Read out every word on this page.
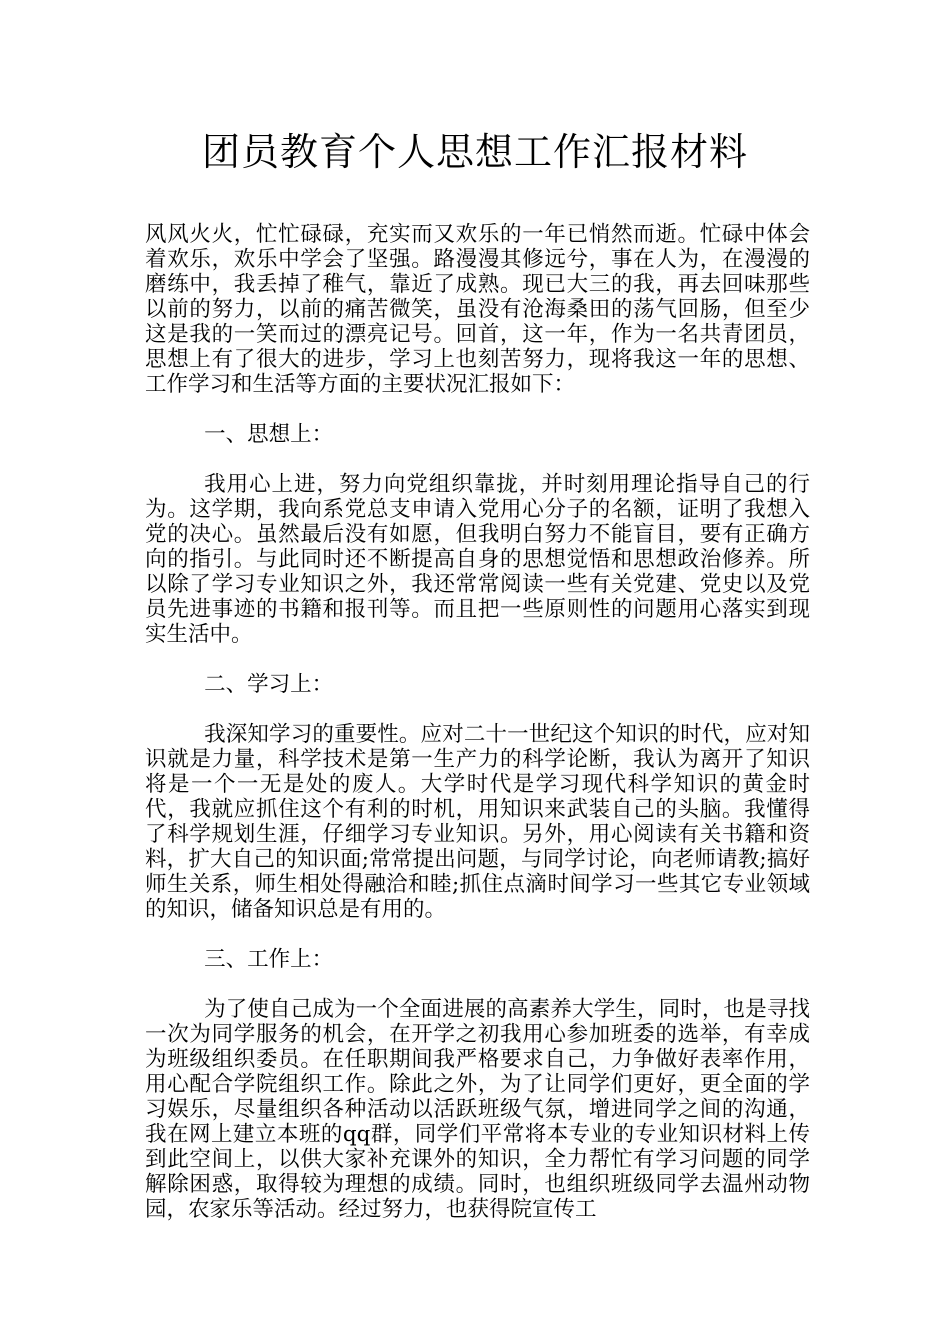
团员教育个人思想工作汇报材料

风风火火，忙忙碌碌，充实而又欢乐的一年已悄然而逝。忙碌中体会着欢乐，欢乐中学会了坚强。路漫漫其修远兮，事在人为，在漫漫的磨练中，我丢掉了稚气，靠近了成熟。现已大三的我，再去回味那些以前的努力，以前的痛苦微笑，虽没有沧海桑田的荡气回肠，但至少这是我的一笑而过的漂亮记号。回首，这一年，作为一名共青团员，思想上有了很大的进步，学习上也刻苦努力，现将我这一年的思想、工作学习和生活等方面的主要状况汇报如下：

一、思想上：

我用心上进，努力向党组织靠拢，并时刻用理论指导自己的行为。这学期，我向系党总支申请入党用心分子的名额，证明了我想入党的决心。虽然最后没有如愿，但我明白努力不能盲目，要有正确方向的指引。与此同时还不断提高自身的思想觉悟和思想政治修养。所以除了学习专业知识之外，我还常常阅读一些有关党建、党史以及党员先进事迹的书籍和报刊等。而且把一些原则性的问题用心落实到现实生活中。

二、学习上：

我深知学习的重要性。应对二十一世纪这个知识的时代，应对知识就是力量，科学技术是第一生产力的科学论断，我认为离开了知识将是一个一无是处的废人。大学时代是学习现代科学知识的黄金时代，我就应抓住这个有利的时机，用知识来武装自己的头脑。我懂得了科学规划生涯，仔细学习专业知识。另外，用心阅读有关书籍和资料，扩大自己的知识面;常常提出问题，与同学讨论，向老师请教;搞好师生关系，师生相处得融洽和睦;抓住点滴时间学习一些其它专业领域的知识，储备知识总是有用的。

三、工作上：

为了使自己成为一个全面进展的高素养大学生，同时，也是寻找一次为同学服务的机会，在开学之初我用心参加班委的选举，有幸成为班级组织委员。在任职期间我严格要求自己，力争做好表率作用，用心配合学院组织工作。除此之外，为了让同学们更好，更全面的学习娱乐，尽量组织各种活动以活跃班级气氛，增进同学之间的沟通，我在网上建立本班的qq群，同学们平常将本专业的专业知识材料上传到此空间上，以供大家补充课外的知识，全力帮忙有学习问题的同学解除困惑，取得较为理想的成绩。同时，也组织班级同学去温州动物园，农家乐等活动。经过努力，也获得院宣传工
